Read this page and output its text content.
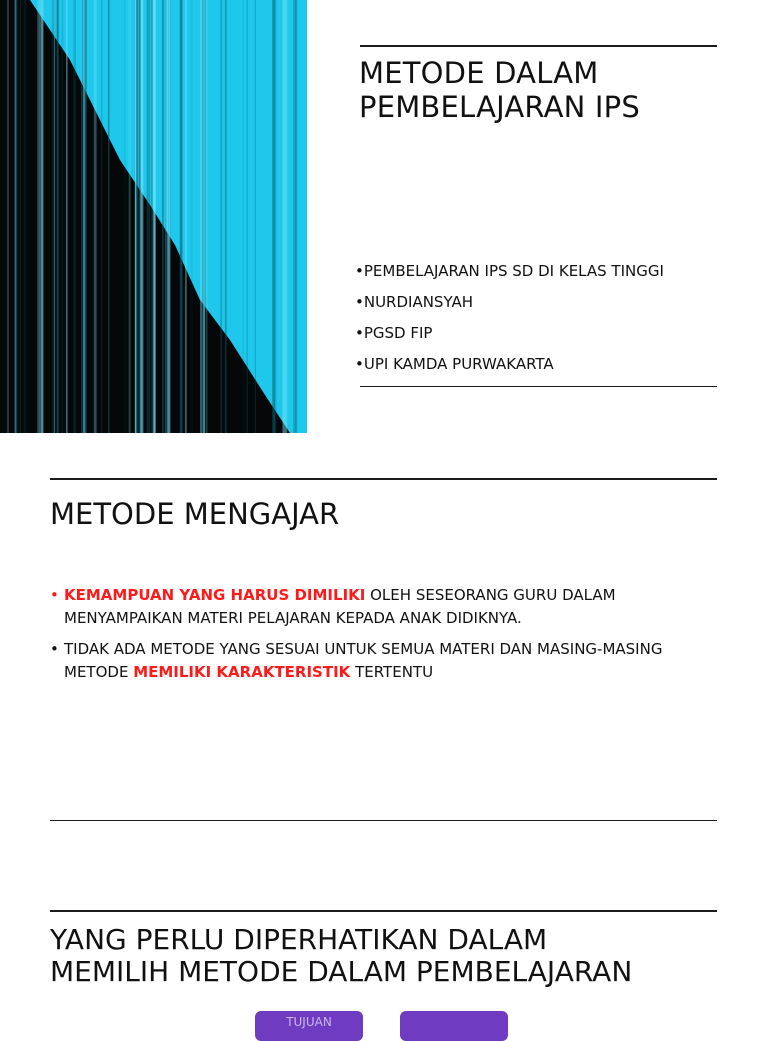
METODE DALAM
PEMBELAJARAN IPS
•PEMBELAJARAN IPS SD DI KELAS TINGGI
•NURDIANSYAH
•PGSD FIP
•UPI KAMDA PURWAKARTA
METODE MENGAJAR
• KEMAMPUAN YANG HARUS DIMILIKI OLEH SESEORANG GURU DALAM MENYAMPAIKAN MATERI PELAJARAN KEPADA ANAK DIDIKNYA.
• TIDAK ADA METODE YANG SESUAI UNTUK SEMUA MATERI DAN MASING-MASING METODE MEMILIKI KARAKTERISTIK TERTENTU
YANG PERLU DIPERHATIKAN DALAM
MEMILIH METODE DALAM PEMBELAJARAN
TUJUAN
